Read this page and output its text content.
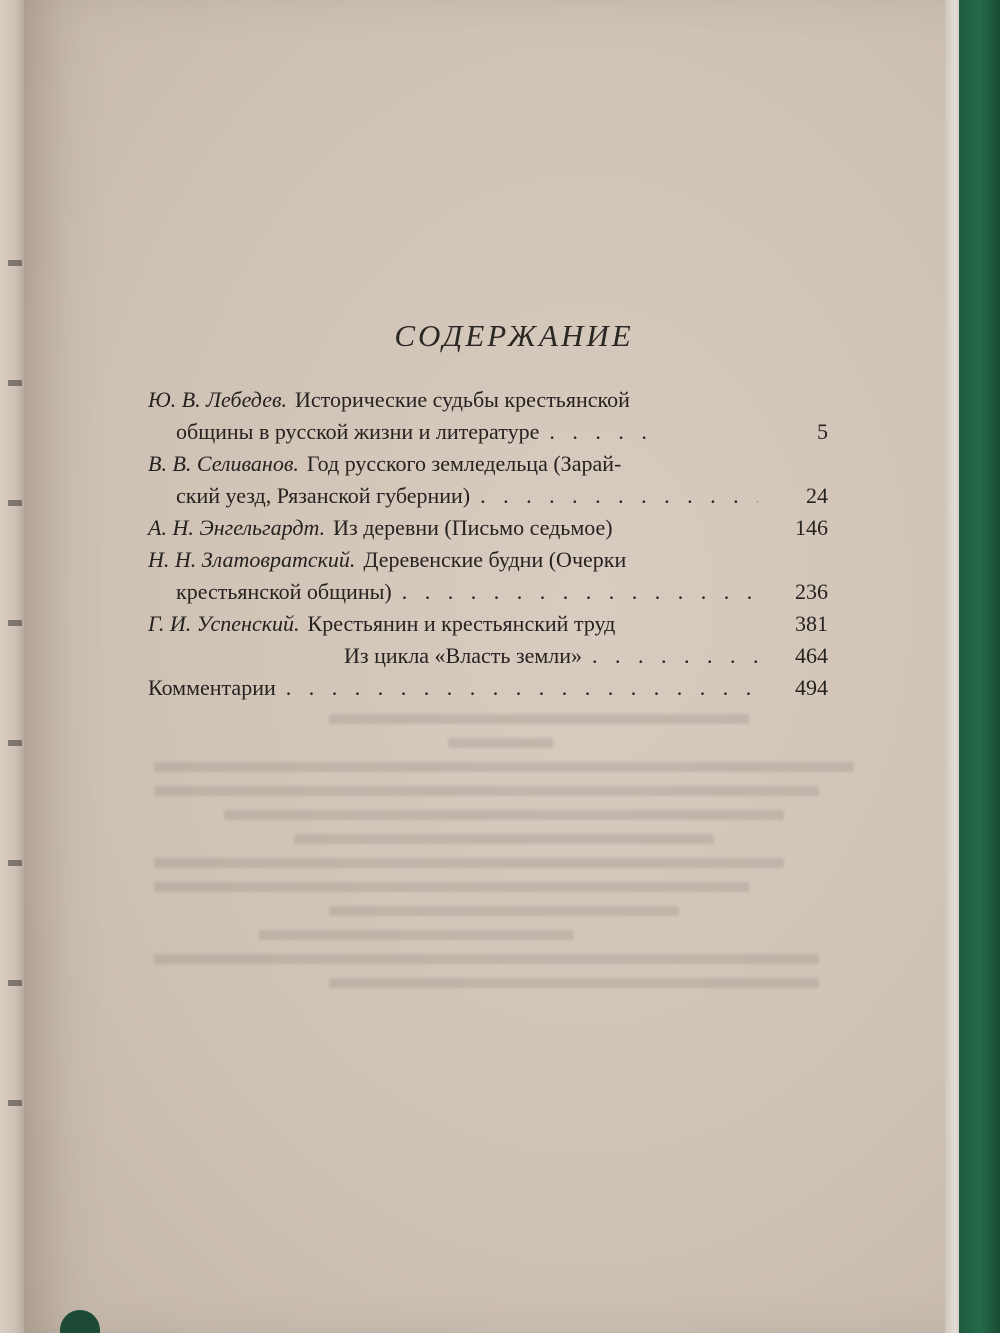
СОДЕРЖАНИЕ
Ю. В. Лебедев. Исторические судьбы крестьянской
общины в русской жизни и литературе . . .	5
В. В. Селиванов. Год русского земледельца (Зарай-
ский уезд, Рязанской губернии) . . .	24
А. Н. Энгельгардт. Из деревни (Письмо седьмое)	146
Н. Н. Златовратский. Деревенские будни (Очерки
крестьянской общины) . . .	236
Г. И. Успенский. Крестьянин и крестьянский труд	381
Из цикла «Власть земли» . . .	464
Комментарии . . .	494
